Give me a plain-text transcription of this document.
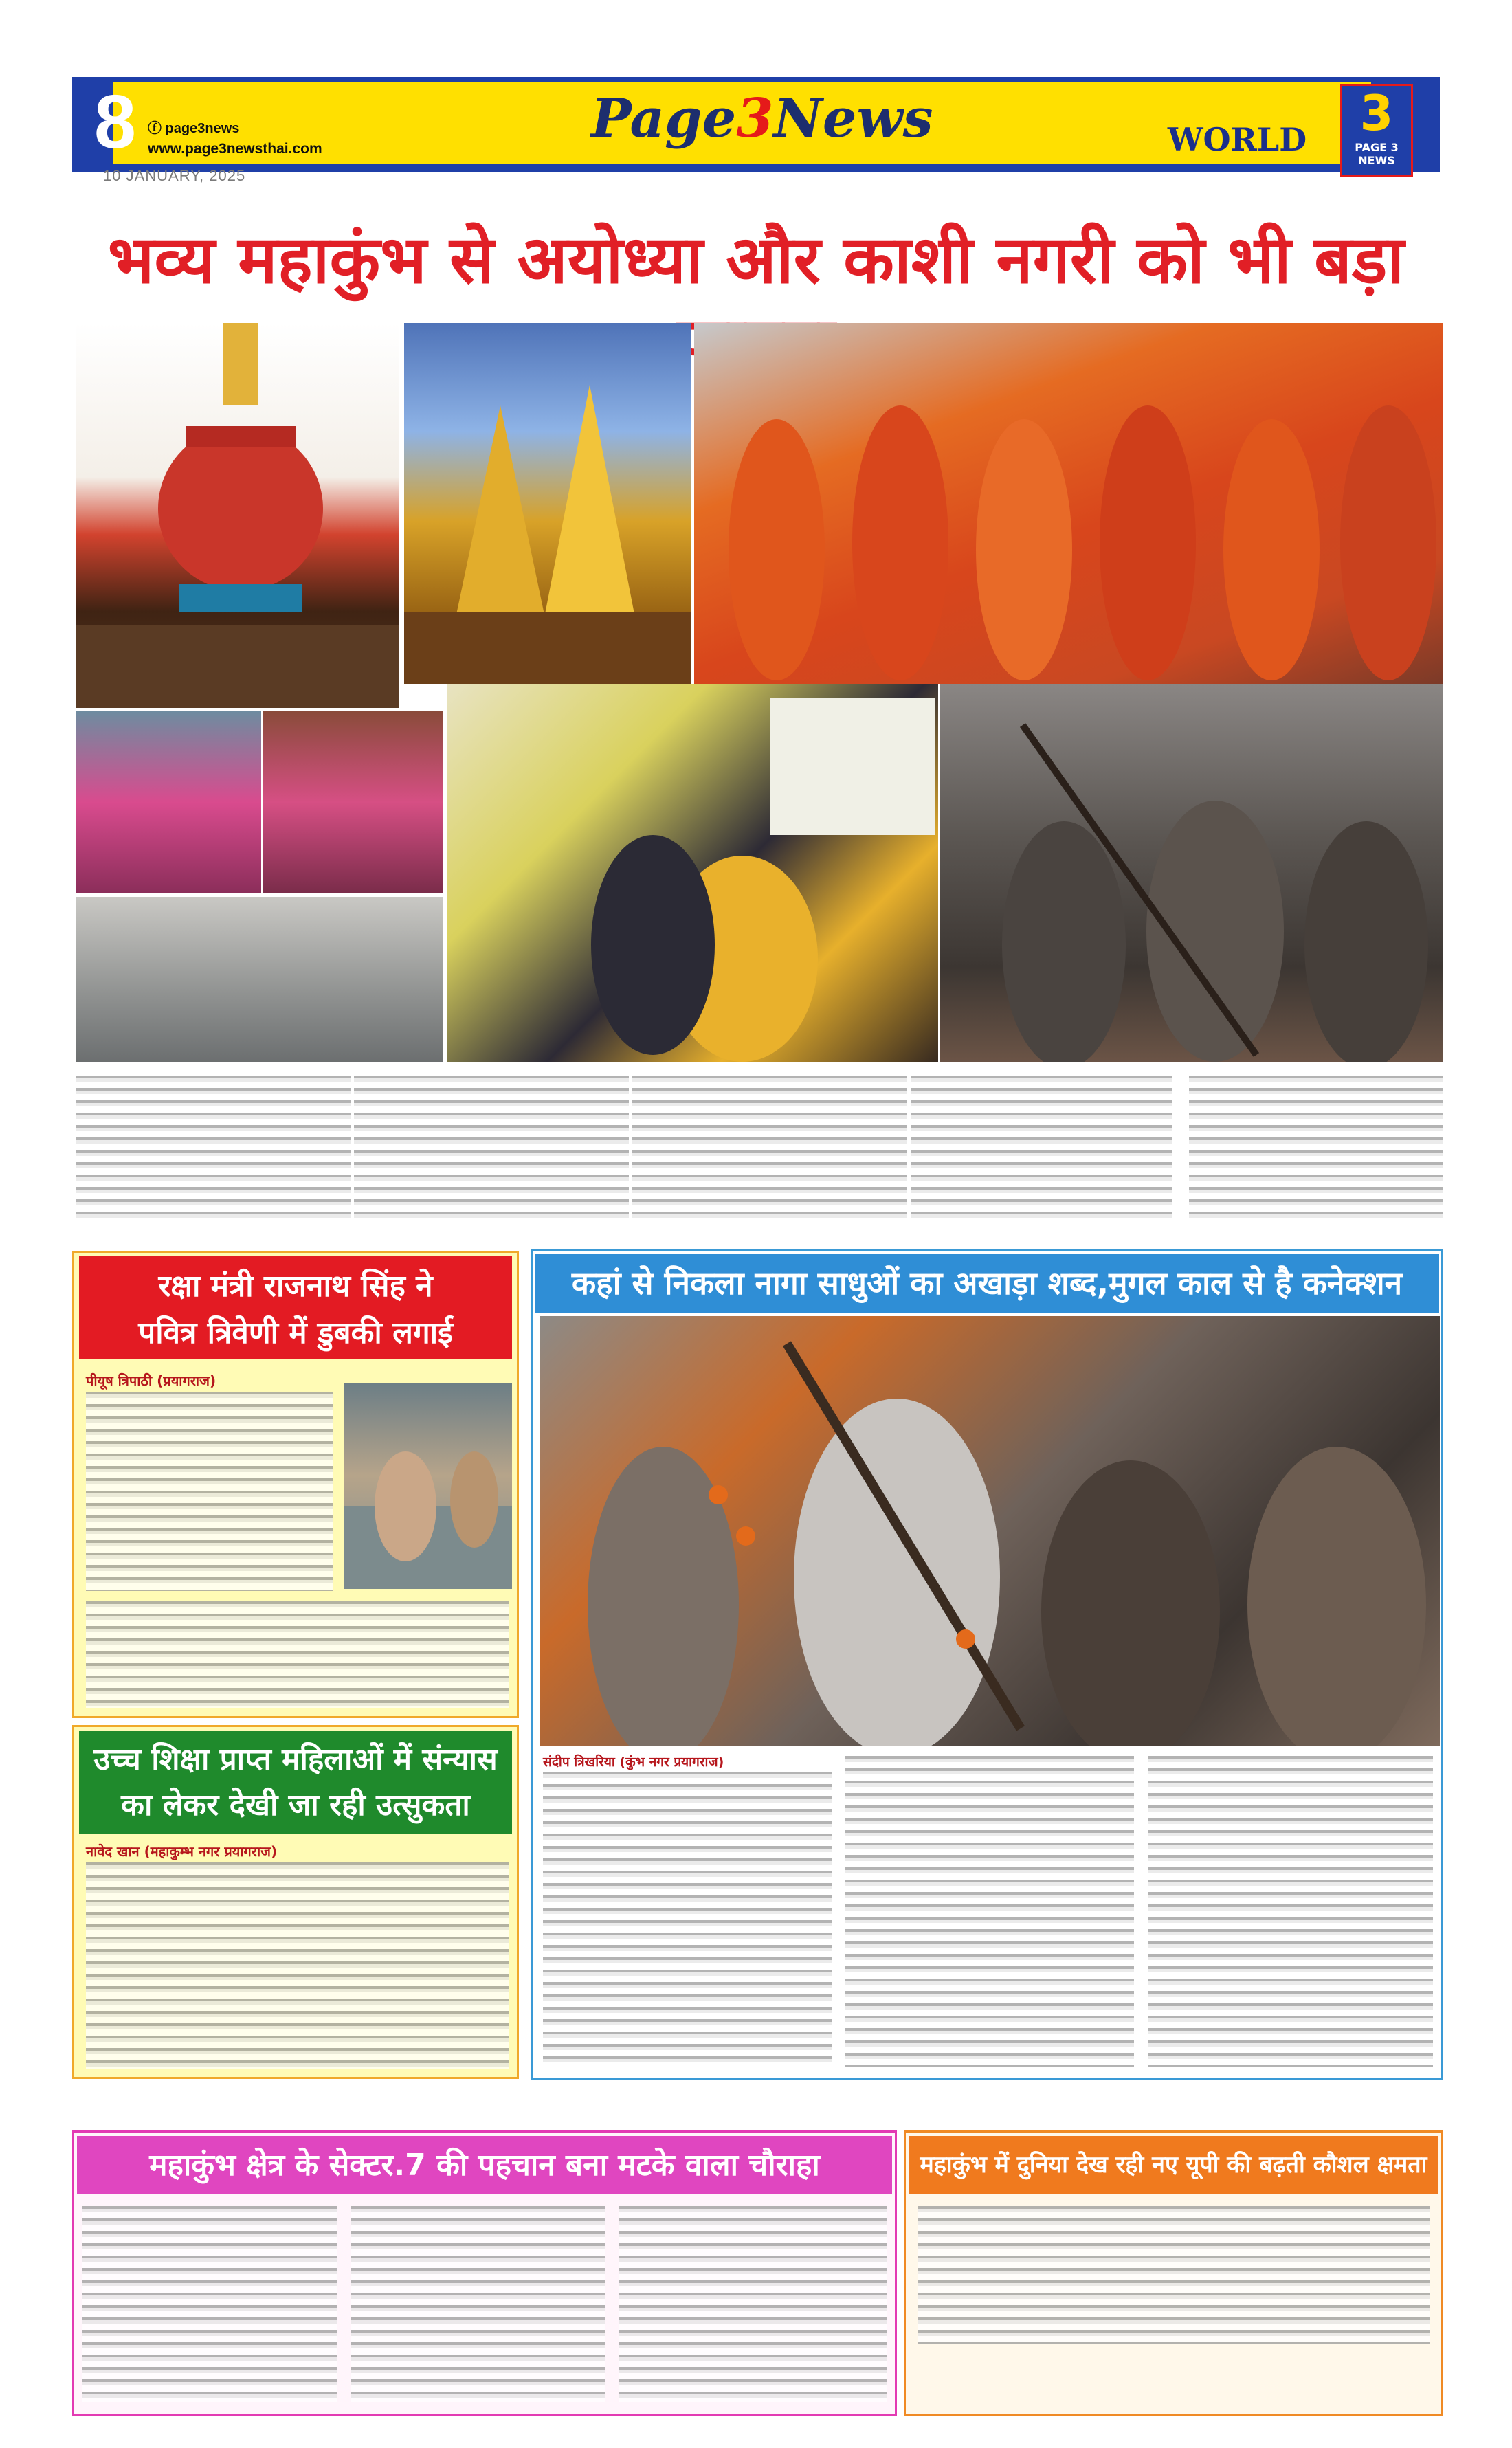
8 ⓕ page3news
www.page3newsthai.com	Page3News	WORLD	3
PAGE 3 NEWS
10 JANUARY, 2025
भव्य महाकुंभ से अयोध्या और काशी नगरी को भी बड़ा
रक्षा मंत्री राजनाथ सिंह ने
पवित्र त्रिवेणी में डुबकी लगाई
पीयूष त्रिपाठी (प्रयागराज)
उच्च शिक्षा प्राप्त महिलाओं में संन्यास
का लेकर देखी जा रही उत्सुकता
नावेद खान (महाकुम्भ नगर प्रयागराज)
कहां से निकला नागा साधुओं का अखाड़ा शब्द,मुगल काल से है कनेक्शन
संदीप त्रिखरिया (कुंभ नगर प्रयागराज)
महाकुंभ क्षेत्र के सेक्टर.7 की पहचान बना मटके वाला चौराहा	महाकुंभ में दुनिया देख रही नए यूपी की बढ़ती कौशल क्षमता
